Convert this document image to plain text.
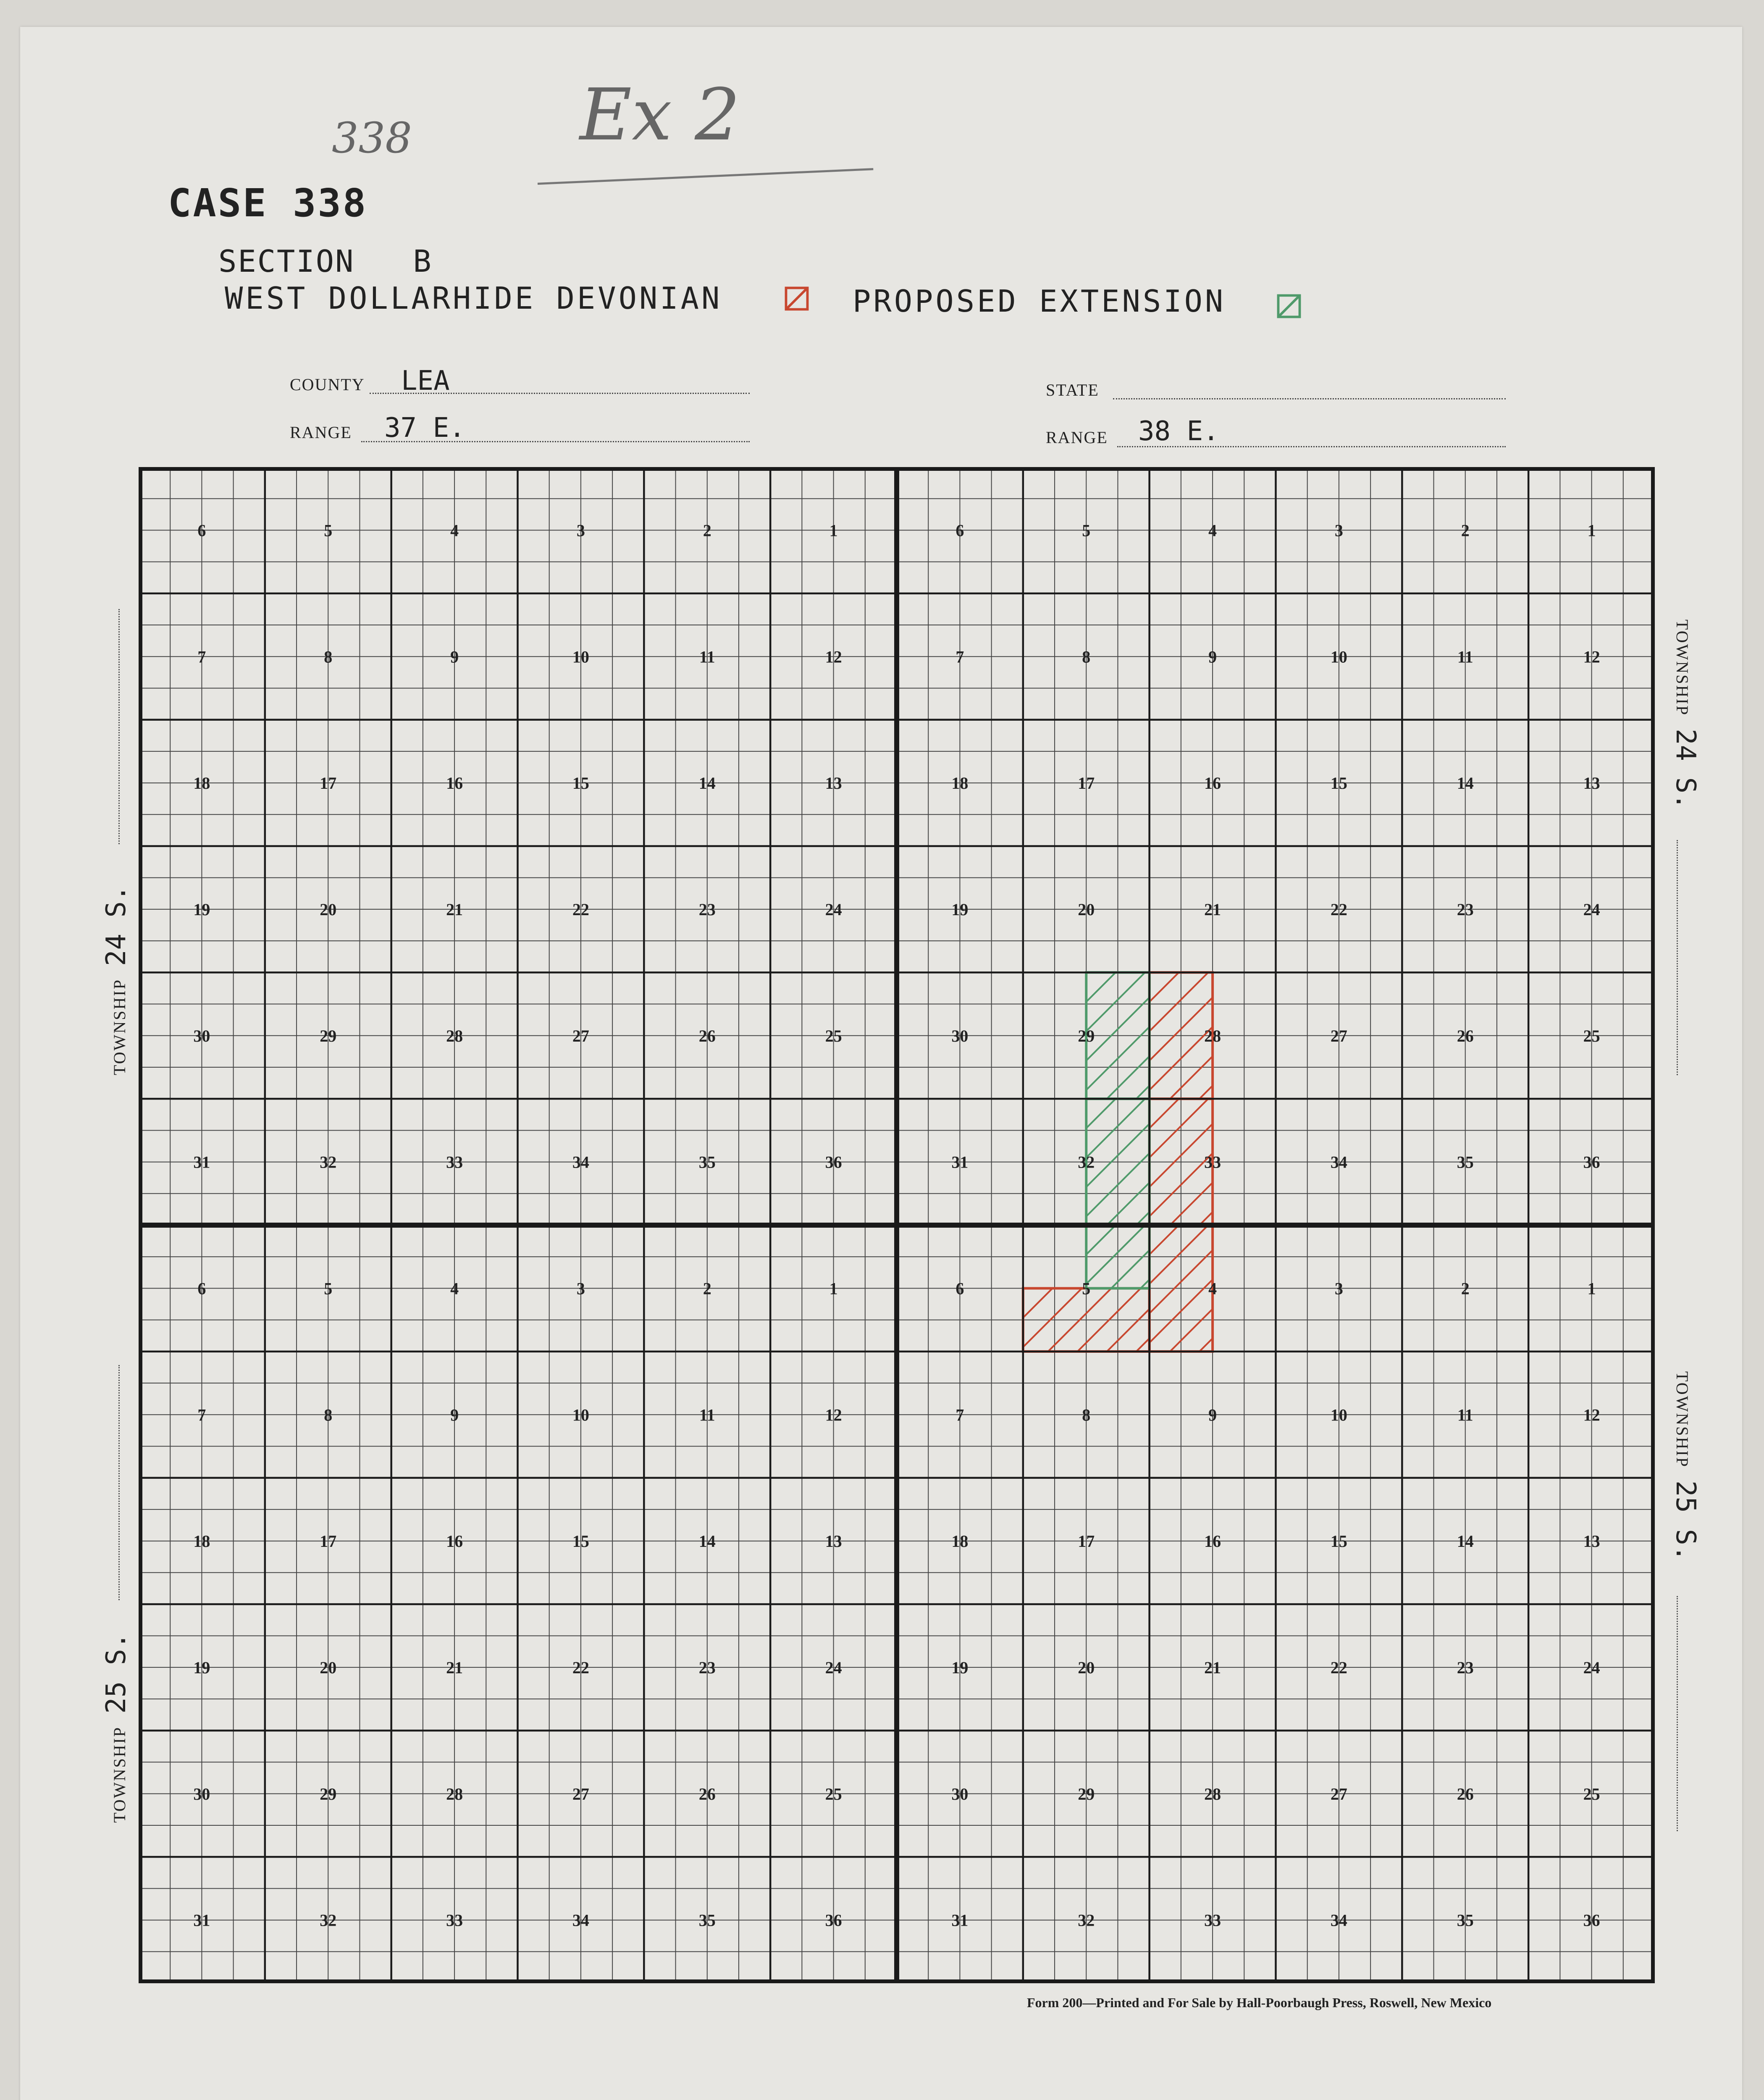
338 Ex 2
CASE 338
SECTION   B
WEST DOLLARHIDE DEVONIAN	PROPOSED EXTENSION
COUNTY LEA	STATE
RANGE 37 E.	RANGE 38 E.
TOWNSHIP24 S.
TOWNSHIP25 S.
TOWNSHIP24 S.
TOWNSHIP25 S.
6	5	4	3	2	1
7	8	9	10	11	12
18	17	16	15	14	13
19	20	21	22	23	24
30	29	28	27	26	25
31	32	33	34	35	36
6	5	4	3	2	1
7	8	9	10	11	12
18	17	16	15	14	13
19	20	21	22	23	24
30	29	28	27	26	25
31	32	33	34	35	36
6	5	4	3	2	1
7	8	9	10	11	12
18	17	16	15	14	13
19	20	21	22	23	24
30	29	28	27	26	25
31	32	33	34	35	36
6	5	4	3	2	1
7	8	9	10	11	12
18	17	16	15	14	13
19	20	21	22	23	24
30	29	28	27	26	25
31	32	33	34	35	36
Form 200—Printed and For Sale by Hall-Poorbaugh Press, Roswell, New Mexico
